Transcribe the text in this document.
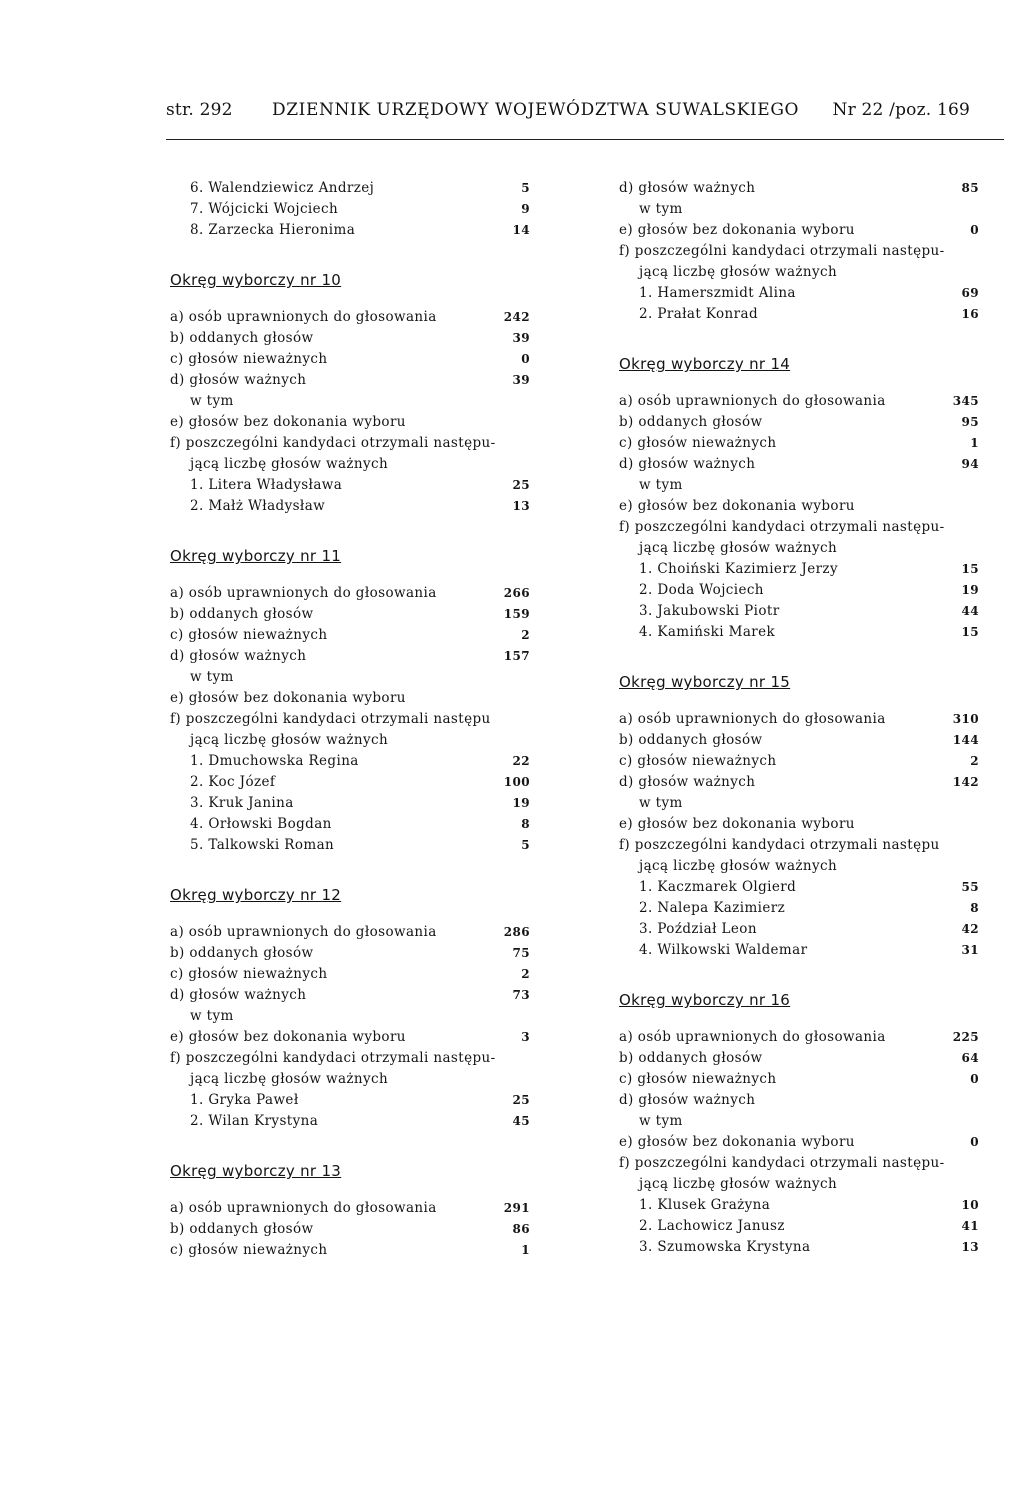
str. 292 DZIENNIK URZĘDOWY WOJEWÓDZTWA SUWALSKIEGO Nr 22 /poz. 169
6. Walendziewicz Andrzej	5
7. Wójcicki Wojciech	9
8. Zarzecka Hieronima	14
Okręg wyborczy nr 10
a) osób uprawnionych do głosowania	242
b) oddanych głosów	39
c) głosów nieważnych	0
d) głosów ważnych	39
w tym
e) głosów bez dokonania wyboru
f) poszczególni kandydaci otrzymali następu-
jącą liczbę głosów ważnych
1. Litera Władysława	25
2. Małż Władysław	13
Okręg wyborczy nr 11
a) osób uprawnionych do głosowania	266
b) oddanych głosów	159
c) głosów nieważnych	2
d) głosów ważnych	157
w tym
e) głosów bez dokonania wyboru
f) poszczególni kandydaci otrzymali następu
jącą liczbę głosów ważnych
1. Dmuchowska Regina	22
2. Koc Józef	100
3. Kruk Janina	19
4. Orłowski Bogdan	8
5. Talkowski Roman	5
Okręg wyborczy nr 12
a) osób uprawnionych do głosowania	286
b) oddanych głosów	75
c) głosów nieważnych	2
d) głosów ważnych	73
w tym
e) głosów bez dokonania wyboru	3
f) poszczególni kandydaci otrzymali następu-
jącą liczbę głosów ważnych
1. Gryka Paweł	25
2. Wilan Krystyna	45
Okręg wyborczy nr 13
a) osób uprawnionych do głosowania	291
b) oddanych głosów	86
c) głosów nieważnych	1
d) głosów ważnych	85
w tym
e) głosów bez dokonania wyboru	0
f) poszczególni kandydaci otrzymali następu-
jącą liczbę głosów ważnych
1. Hamerszmidt Alina	69
2. Prałat Konrad	16
Okręg wyborczy nr 14
a) osób uprawnionych do głosowania	345
b) oddanych głosów	95
c) głosów nieważnych	1
d) głosów ważnych	94
w tym
e) głosów bez dokonania wyboru
f) poszczególni kandydaci otrzymali następu-
jącą liczbę głosów ważnych
1. Choiński Kazimierz Jerzy	15
2. Doda Wojciech	19
3. Jakubowski Piotr	44
4. Kamiński Marek	15
Okręg wyborczy nr 15
a) osób uprawnionych do głosowania	310
b) oddanych głosów	144
c) głosów nieważnych	2
d) głosów ważnych	142
w tym
e) głosów bez dokonania wyboru
f) poszczególni kandydaci otrzymali następu
jącą liczbę głosów ważnych
1. Kaczmarek Olgierd	55
2. Nalepa Kazimierz	8
3. Poździał Leon	42
4. Wilkowski Waldemar	31
Okręg wyborczy nr 16
a) osób uprawnionych do głosowania	225
b) oddanych głosów	64
c) głosów nieważnych	0
d) głosów ważnych
w tym
e) głosów bez dokonania wyboru	0
f) poszczególni kandydaci otrzymali następu-
jącą liczbę głosów ważnych
1. Klusek Grażyna	10
2. Lachowicz Janusz	41
3. Szumowska Krystyna	13
